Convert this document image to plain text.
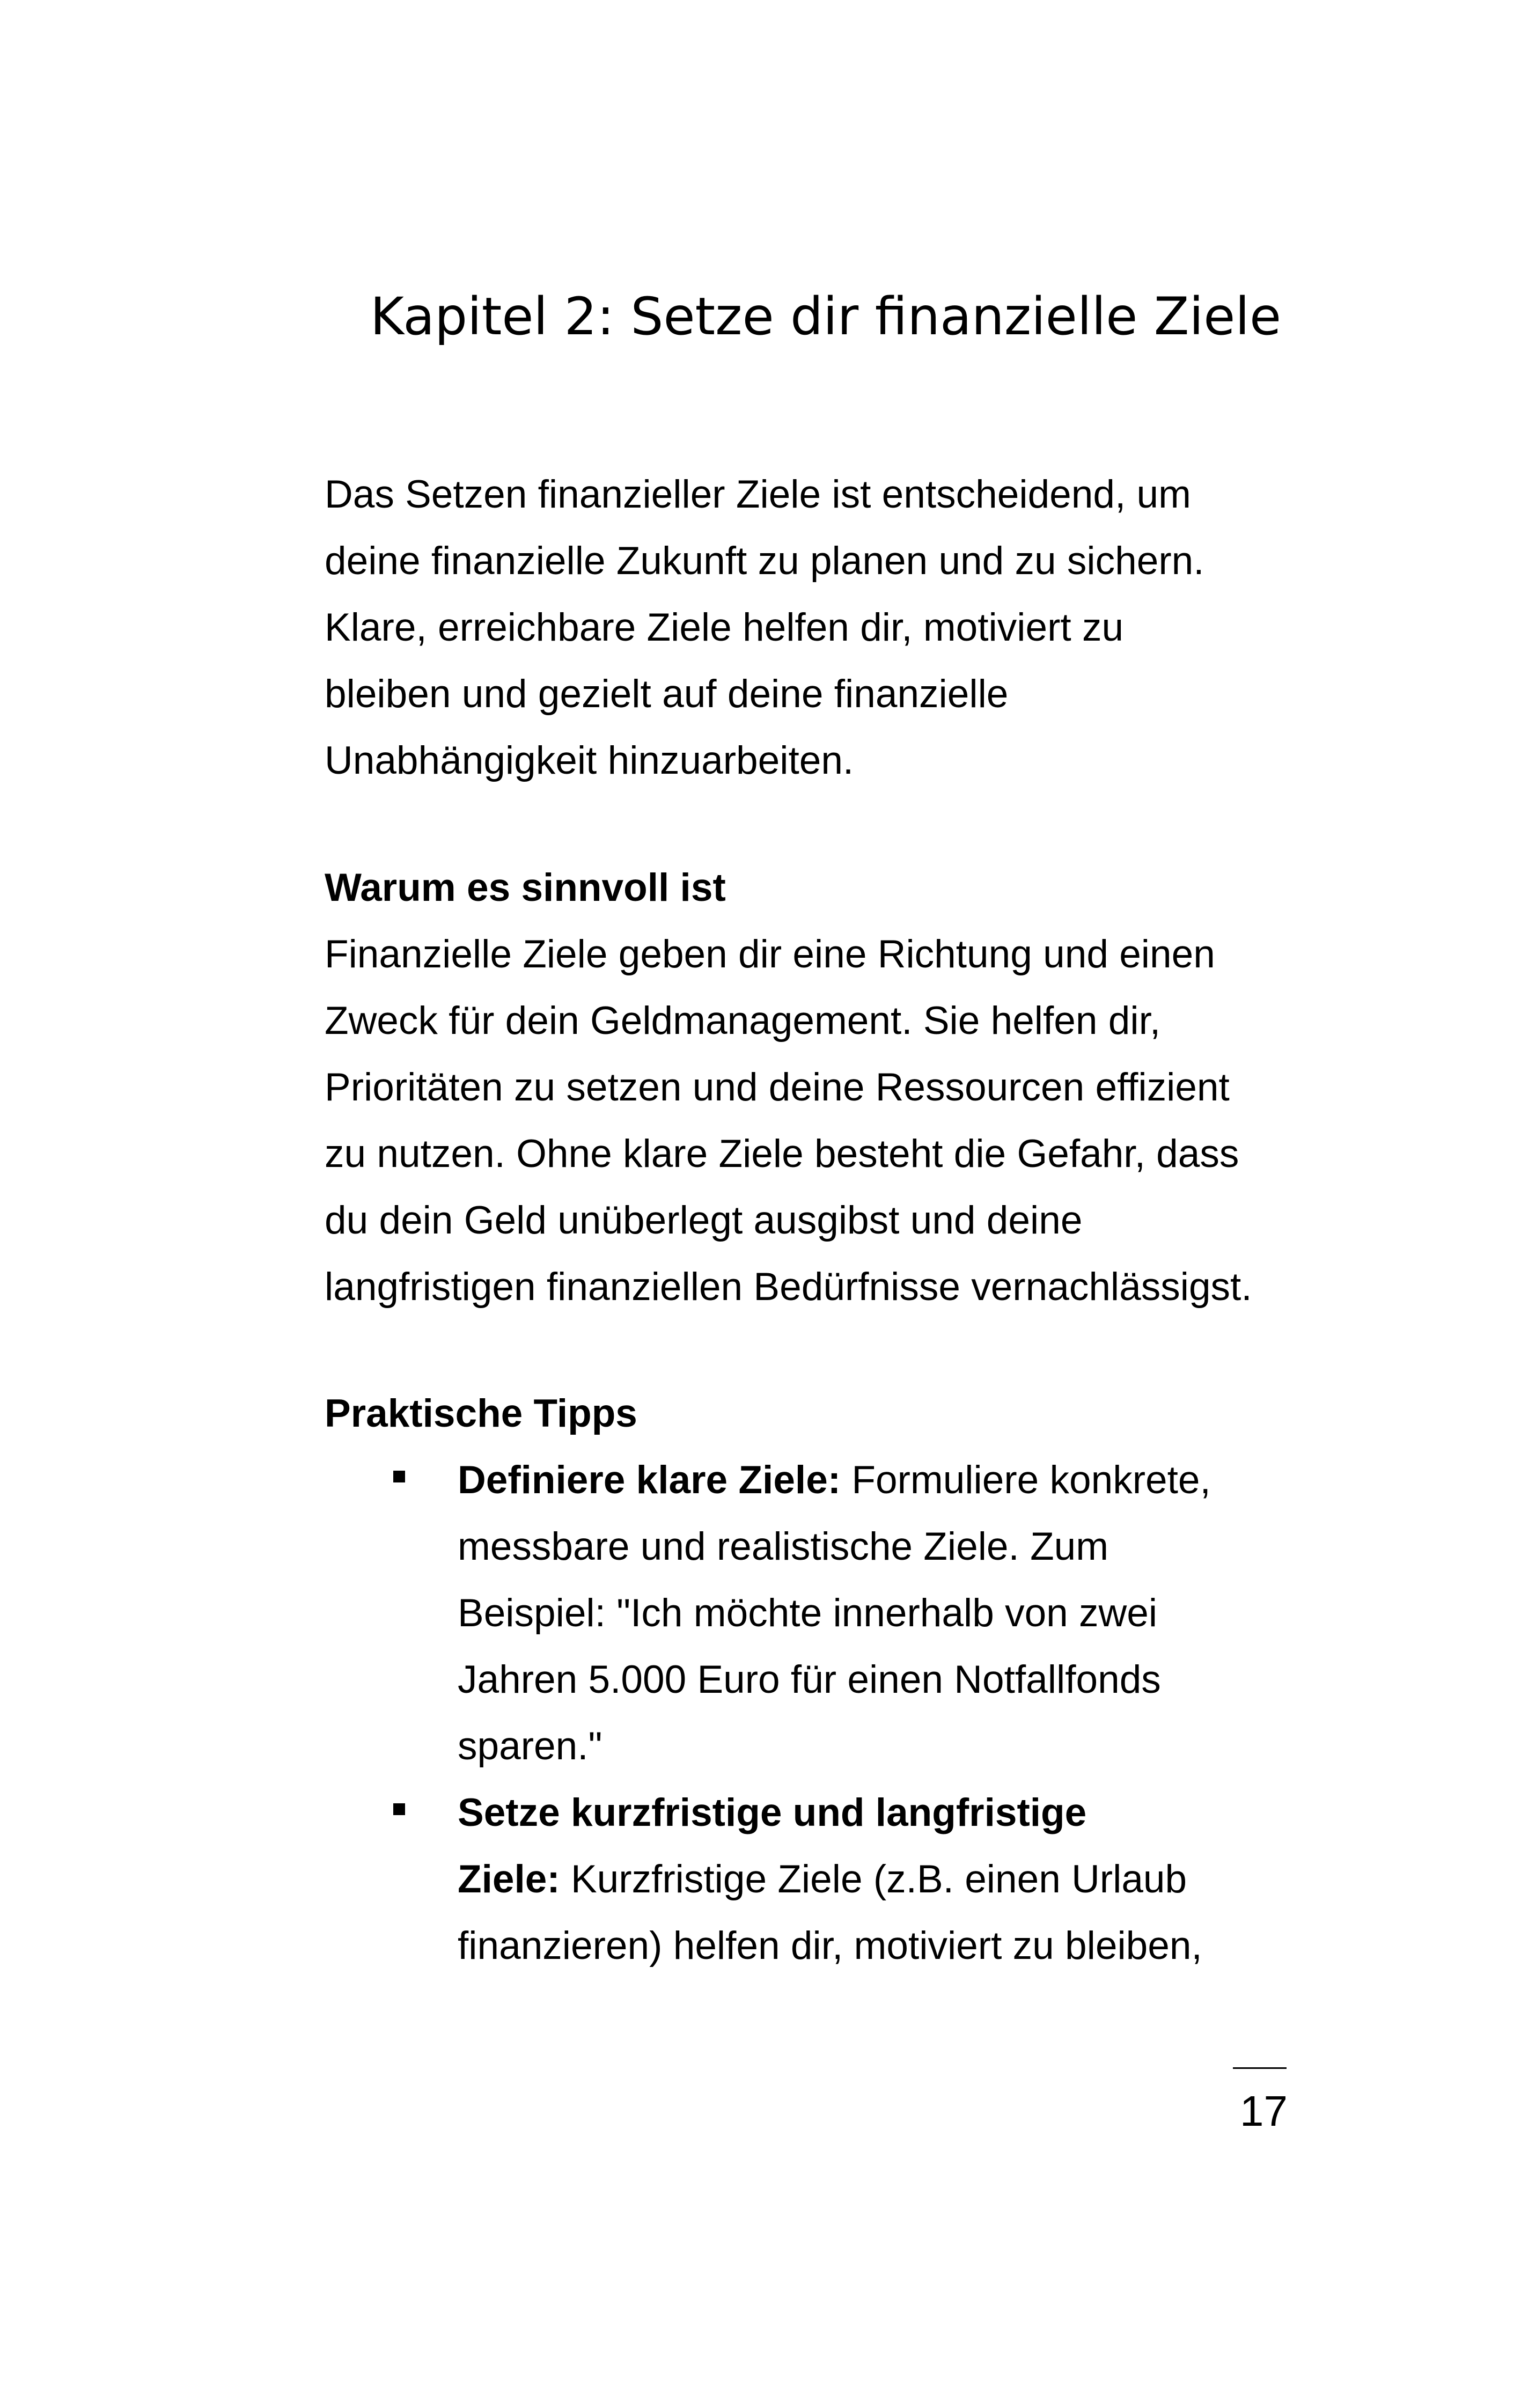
Kapitel 2: Setze dir finanzielle Ziele
Das Setzen finanzieller Ziele ist entscheidend, um
deine finanzielle Zukunft zu planen und zu sichern.
Klare, erreichbare Ziele helfen dir, motiviert zu
bleiben und gezielt auf deine finanzielle
Unabhängigkeit hinzuarbeiten.
Warum es sinnvoll ist
Finanzielle Ziele geben dir eine Richtung und einen
Zweck für dein Geldmanagement. Sie helfen dir,
Prioritäten zu setzen und deine Ressourcen effizient
zu nutzen. Ohne klare Ziele besteht die Gefahr, dass
du dein Geld unüberlegt ausgibst und deine
langfristigen finanziellen Bedürfnisse vernachlässigst.
Praktische Tipps
Definiere klare Ziele: Formuliere konkrete,
messbare und realistische Ziele. Zum
Beispiel: "Ich möchte innerhalb von zwei
Jahren 5.000 Euro für einen Notfallfonds
sparen."
Setze kurzfristige und langfristige
Ziele: Kurzfristige Ziele (z.B. einen Urlaub
finanzieren) helfen dir, motiviert zu bleiben,
17
